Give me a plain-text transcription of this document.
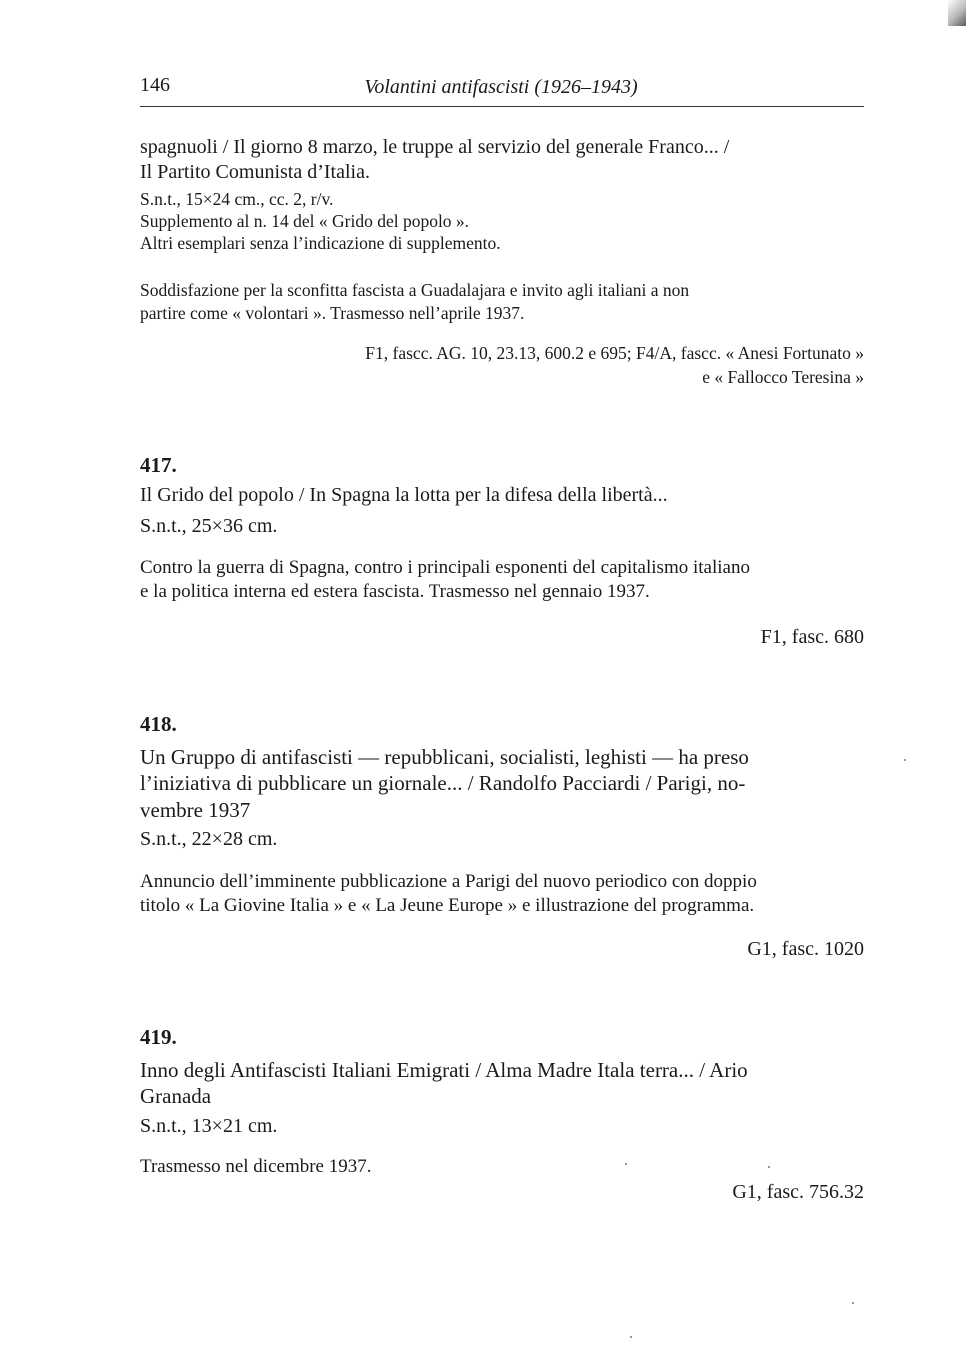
146	Volantini antifascisti (1926–1943)
spagnuoli / Il giorno 8 marzo, le truppe al servizio del generale Franco... /
Il Partito Comunista d’Italia.
S.n.t., 15×24 cm., cc. 2, r/v.
Supplemento al n. 14 del « Grido del popolo ».
Altri esemplari senza l’indicazione di supplemento.
Soddisfazione per la sconfitta fascista a Guadalajara e invito agli italiani a non
partire come « volontari ». Trasmesso nell’aprile 1937.
F1, fascc. AG. 10, 23.13, 600.2 e 695; F4/A, fascc. « Anesi Fortunato »
e « Fallocco Teresina »
417.
Il Grido del popolo / In Spagna la lotta per la difesa della libertà...
S.n.t., 25×36 cm.
Contro la guerra di Spagna, contro i principali esponenti del capitalismo italiano
e la politica interna ed estera fascista. Trasmesso nel gennaio 1937.
F1, fasc. 680
418.
Un Gruppo di antifascisti — repubblicani, socialisti, leghisti — ha preso
l’iniziativa di pubblicare un giornale... / Randolfo Pacciardi / Parigi, no-
vembre 1937
S.n.t., 22×28 cm.
Annuncio dell’imminente pubblicazione a Parigi del nuovo periodico con doppio
titolo « La Giovine Italia » e « La Jeune Europe » e illustrazione del programma.
G1, fasc. 1020
419.
Inno degli Antifascisti Italiani Emigrati / Alma Madre Itala terra... / Ario
Granada
S.n.t., 13×21 cm.
Trasmesso nel dicembre 1937.
G1, fasc. 756.32
